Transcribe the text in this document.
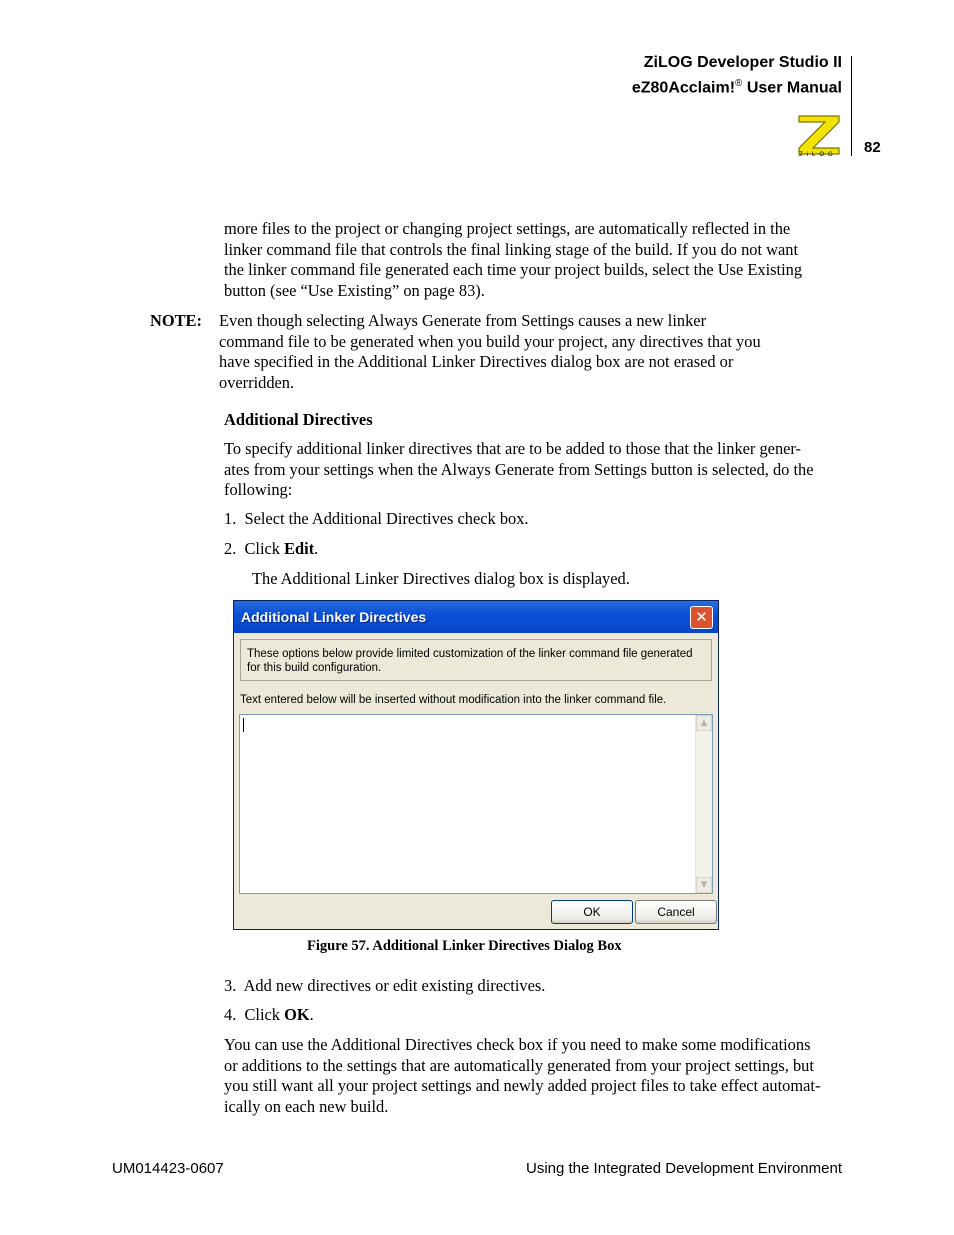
ZiLOG Developer Studio II
eZ80Acclaim!® User Manual
ZiLOG 82
more files to the project or changing project settings, are automatically reflected in the
linker command file that controls the final linking stage of the build. If you do not want
the linker command file generated each time your project builds, select the Use Existing
button (see “Use Existing” on page 83).
NOTE: Even though selecting Always Generate from Settings causes a new linker
command file to be generated when you build your project, any directives that you
have specified in the Additional Linker Directives dialog box are not erased or
overridden.
Additional Directives
To specify additional linker directives that are to be added to those that the linker gener-
ates from your settings when the Always Generate from Settings button is selected, do the
following:
1.  Select the Additional Directives check box.
2.  Click Edit.
The Additional Linker Directives dialog box is displayed.
Additional Linker Directives	✕
These options below provide limited customization of the linker command file generated
for this build configuration.
Text entered below will be inserted without modification into the linker command file.
▲
▼
OK	Cancel
Figure 57. Additional Linker Directives Dialog Box
3.  Add new directives or edit existing directives.
4.  Click OK.
You can use the Additional Directives check box if you need to make some modifications
or additions to the settings that are automatically generated from your project settings, but
you still want all your project settings and newly added project files to take effect automat-
ically on each new build.
UM014423-0607	Using the Integrated Development Environment
